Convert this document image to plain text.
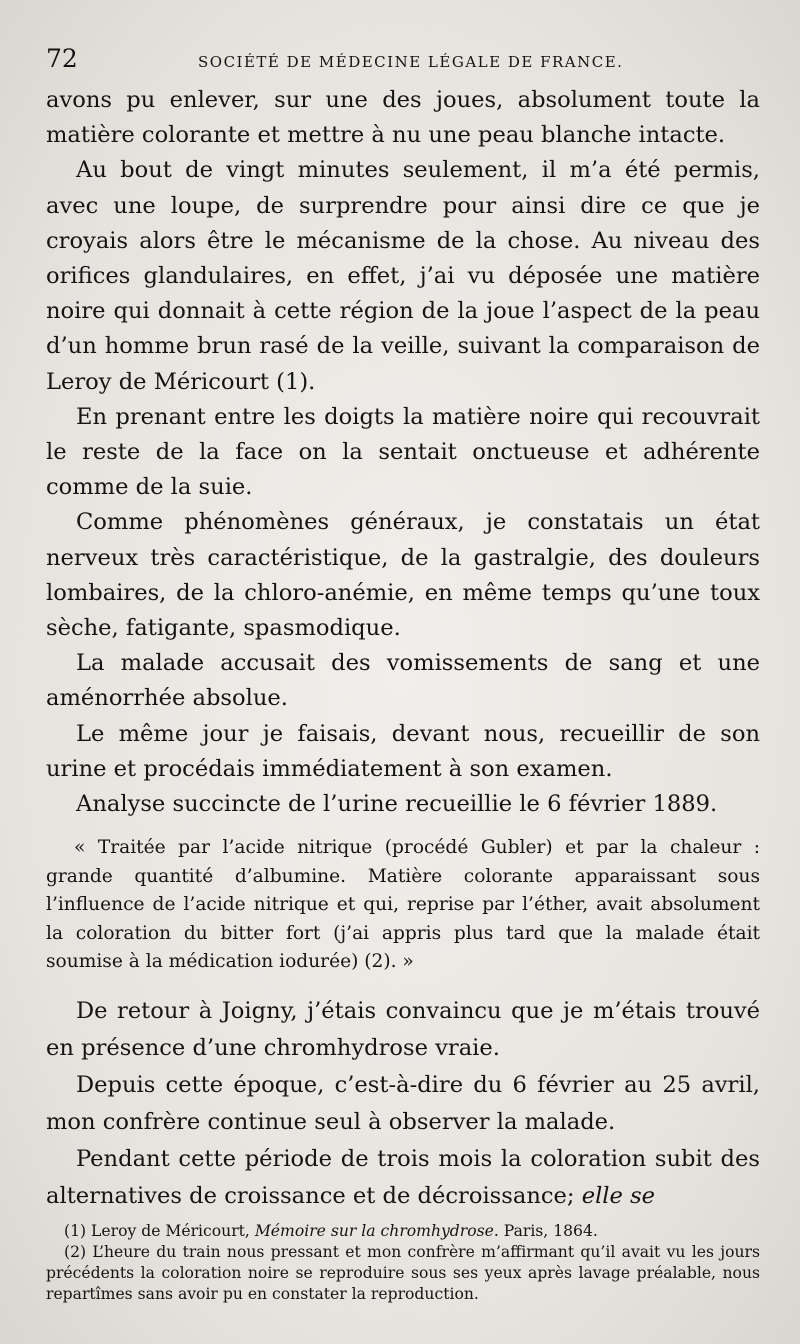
72	SOCIÉTÉ DE MÉDECINE LÉGALE DE FRANCE.

avons pu enlever, sur une des joues, absolument toute la matière colorante et mettre à nu une peau blanche intacte.

Au bout de vingt minutes seulement, il m’a été permis, avec une loupe, de surprendre pour ainsi dire ce que je croyais alors être le mécanisme de la chose. Au niveau des orifices glandulaires, en effet, j’ai vu déposée une matière noire qui donnait à cette région de la joue l’aspect de la peau d’un homme brun rasé de la veille, suivant la comparaison de Leroy de Méricourt (1).

En prenant entre les doigts la matière noire qui recouvrait le reste de la face on la sentait onctueuse et adhérente comme de la suie.

Comme phénomènes généraux, je constatais un état nerveux très caractéristique, de la gastralgie, des douleurs lombaires, de la chloro-anémie, en même temps qu’une toux sèche, fatigante, spasmodique.

La malade accusait des vomissements de sang et une aménorrhée absolue.

Le même jour je faisais, devant nous, recueillir de son urine et procédais immédiatement à son examen.

Analyse succincte de l’urine recueillie le 6 février 1889.

« Traitée par l’acide nitrique (procédé Gubler) et par la chaleur : grande quantité d’albumine. Matière colorante apparaissant sous l’influence de l’acide nitrique et qui, reprise par l’éther, avait absolument la coloration du bitter fort (j’ai appris plus tard que la malade était soumise à la médication iodurée) (2). »

De retour à Joigny, j’étais convaincu que je m’étais trouvé en présence d’une chromhydrose vraie.

Depuis cette époque, c’est-à-dire du 6 février au 25 avril, mon confrère continue seul à observer la malade.

Pendant cette période de trois mois la coloration subit des alternatives de croissance et de décroissance; elle se

(1) Leroy de Méricourt, Mémoire sur la chromhydrose. Paris, 1864.

(2) L’heure du train nous pressant et mon confrère m’affirmant qu’il avait vu les jours précédents la coloration noire se reproduire sous ses yeux après lavage préalable, nous repartîmes sans avoir pu en constater la reproduction.
